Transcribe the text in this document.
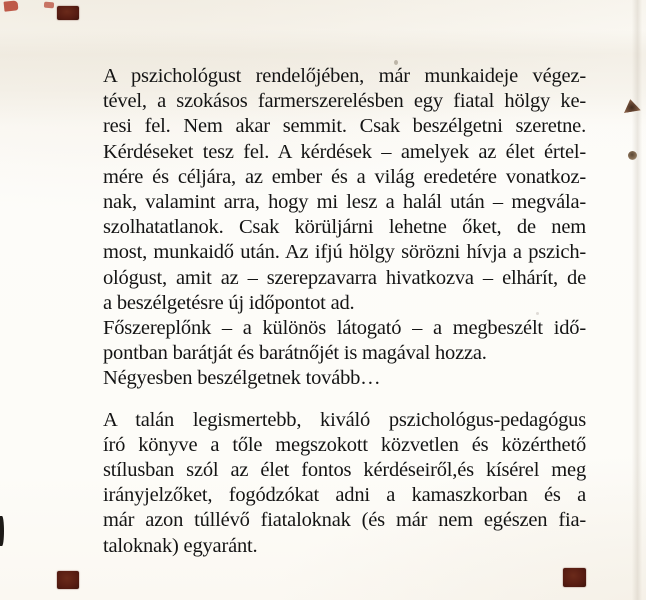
A pszichológust rendelőjében, már munkaideje végez-
tével, a szokásos farmerszerelésben egy fiatal hölgy ke-
resi fel. Nem akar semmit. Csak beszélgetni szeretne.
Kérdéseket tesz fel. A kérdések – amelyek az élet értel-
mére és céljára, az ember és a világ eredetére vonatkoz-
nak, valamint arra, hogy mi lesz a halál után – megvála-
szolhatatlanok. Csak körüljárni lehetne őket, de nem
most, munkaidő után. Az ifjú hölgy sörözni hívja a pszich-
ológust, amit az – szerepzavarra hivatkozva – elhárít, de
a beszélgetésre új időpontot ad.
Főszereplőnk – a különös látogató – a megbeszélt idő-
pontban barátját és barátnőjét is magával hozza.
Négyesben beszélgetnek tovább…
A talán legismertebb, kiváló pszichológus-pedagógus
író könyve a tőle megszokott közvetlen és közérthető
stílusban szól az élet fontos kérdéseiről,és kísérel meg
irányjelzőket, fogódzókat adni a kamaszkorban és a
már azon túllévő fiataloknak (és már nem egészen fia-
taloknak) egyaránt.
